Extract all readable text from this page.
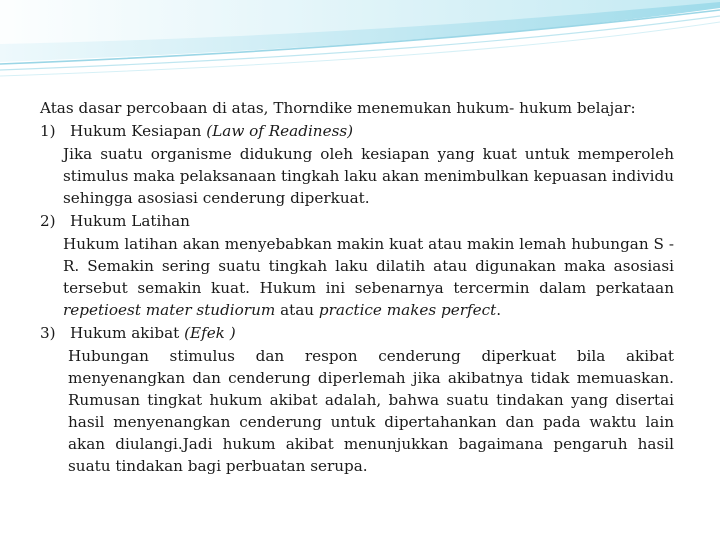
Atas dasar percobaan di atas, Thorndike menemukan hukum- hukum belajar:

1) Hukum Kesiapan (Law of Readiness)

Jika suatu organisme didukung oleh kesiapan yang kuat untuk memperoleh stimulus maka pelaksanaan tingkah laku akan menimbulkan kepuasan individu sehingga asosiasi cenderung diperkuat.

2) Hukum Latihan

Hukum latihan akan menyebabkan makin kuat atau makin lemah hubungan S -R. Semakin sering suatu tingkah laku dilatih atau digunakan maka asosiasi tersebut semakin kuat. Hukum ini sebenarnya tercermin dalam perkataan repetioest mater studiorum atau practice makes perfect.

3) Hukum akibat (Efek )

Hubungan stimulus dan respon cenderung diperkuat bila akibat menyenangkan dan cenderung diperlemah jika akibatnya tidak memuaskan. Rumusan tingkat hukum akibat adalah, bahwa suatu tindakan yang disertai hasil menyenangkan cenderung untuk dipertahankan dan pada waktu lain akan diulangi.Jadi hukum akibat menunjukkan bagaimana pengaruh hasil suatu tindakan bagi perbuatan serupa.
